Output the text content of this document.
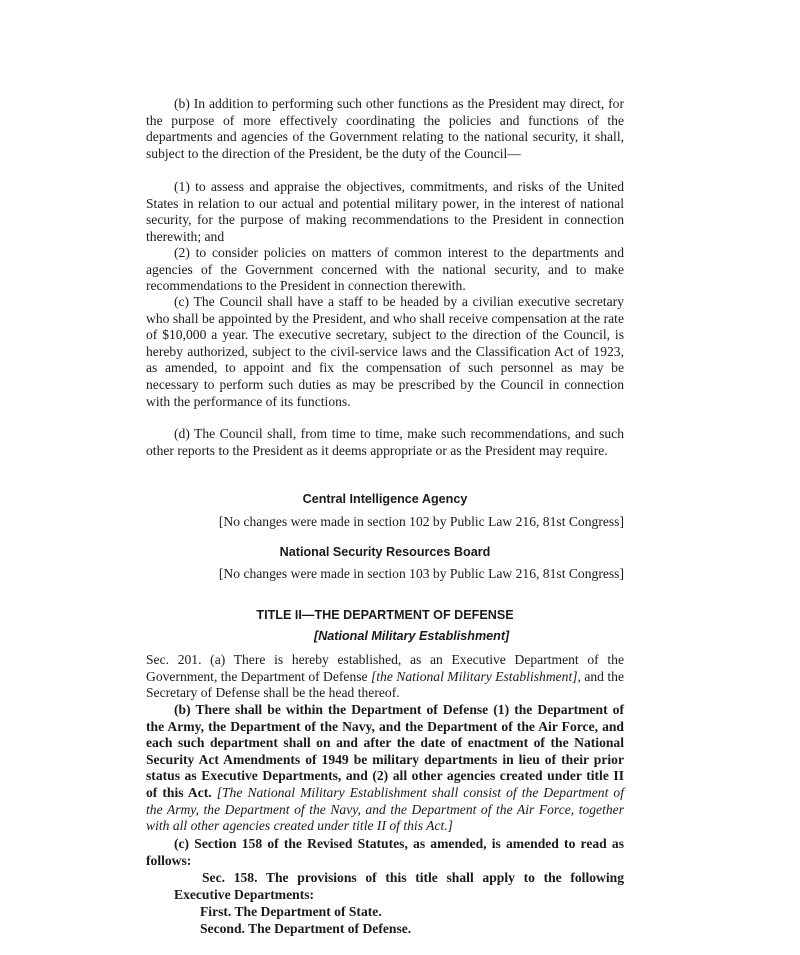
(b) In addition to performing such other functions as the President may direct, for the purpose of more effectively coordinating the policies and functions of the departments and agencies of the Government relating to the national security, it shall, subject to the direction of the President, be the duty of the Council—

(1) to assess and appraise the objectives, commitments, and risks of the United States in relation to our actual and potential military power, in the interest of national security, for the purpose of making recommendations to the President in connection therewith; and

(2) to consider policies on matters of common interest to the departments and agencies of the Government concerned with the national security, and to make recommendations to the President in connection therewith.

(c) The Council shall have a staff to be headed by a civilian executive secretary who shall be appointed by the President, and who shall receive compensation at the rate of $10,000 a year. The executive secretary, subject to the direction of the Council, is hereby authorized, subject to the civil-service laws and the Classification Act of 1923, as amended, to appoint and fix the compensation of such personnel as may be necessary to perform such duties as may be prescribed by the Council in connection with the performance of its functions.

(d) The Council shall, from time to time, make such recommendations, and such other reports to the President as it deems appropriate or as the President may require.

Central Intelligence Agency

[No changes were made in section 102 by Public Law 216, 81st Congress]

National Security Resources Board

[No changes were made in section 103 by Public Law 216, 81st Congress]

TITLE II—THE DEPARTMENT OF DEFENSE

[National Military Establishment]

Sec. 201. (a) There is hereby established, as an Executive Department of the Government, the Department of Defense [the National Military Establishment], and the Secretary of Defense shall be the head thereof.

(b) There shall be within the Department of Defense (1) the Department of the Army, the Department of the Navy, and the Department of the Air Force, and each such department shall on and after the date of enactment of the National Security Act Amendments of 1949 be military departments in lieu of their prior status as Executive Departments, and (2) all other agencies created under title II of this Act. [The National Military Establishment shall consist of the Department of the Army, the Department of the Navy, and the Department of the Air Force, together with all other agencies created under title II of this Act.]

(c) Section 158 of the Revised Statutes, as amended, is amended to read as follows:

Sec. 158. The provisions of this title shall apply to the following Executive Departments:

First. The Department of State.

Second. The Department of Defense.
